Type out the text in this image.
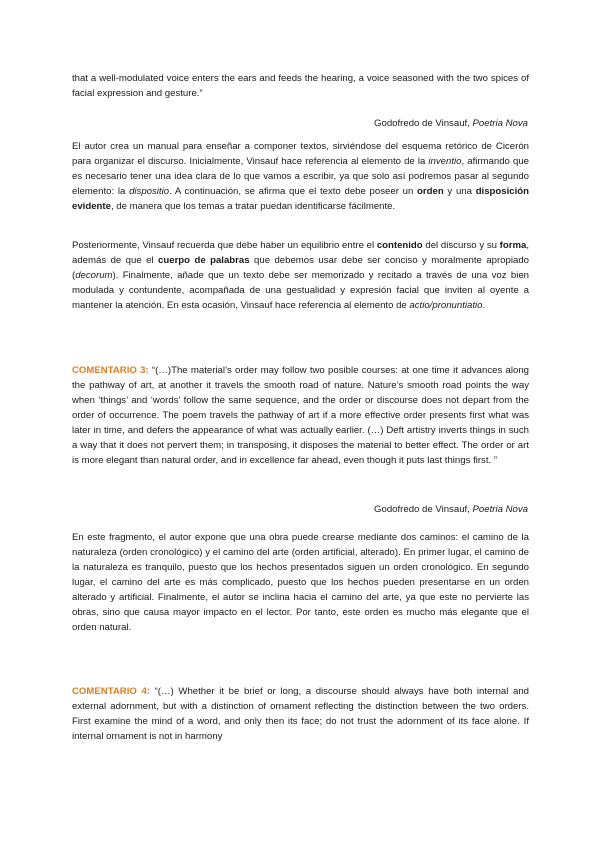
that a well-modulated voice enters the ears and feeds the hearing, a voice seasoned with the two spices of facial expression and gesture.”

Godofredo de Vinsauf, Poetria Nova

El autor crea un manual para enseñar a componer textos, sirviéndose del esquema retórico de Cicerón para organizar el discurso. Inicialmente, Vinsauf hace referencia al elemento de la inventio, afirmando que es necesario tener una idea clara de lo que vamos a escribir, ya que solo así podremos pasar al segundo elemento: la dispositio. A continuación, se afirma que el texto debe poseer un orden y una disposición evidente, de manera que los temas a tratar puedan identificarse fácilmente.

Posteriormente, Vinsauf recuerda que debe haber un equilibrio entre el contenido del discurso y su forma, además de que el cuerpo de palabras que debemos usar debe ser conciso y moralmente apropiado (decorum). Finalmente, añade que un texto debe ser memorizado y recitado a través de una voz bien modulada y contundente, acompañada de una gestualidad y expresión facial que inviten al oyente a mantener la atención. En esta ocasión, Vinsauf hace referencia al elemento de actio/pronuntiatio.

COMENTARIO 3: “(…)The material’s order may follow two posible courses: at one time it advances along the pathway of art, at another it travels the smooth road of nature. Nature’s smooth road points the way when ‘things’ and ‘words’ follow the same sequence, and the order or discourse does not depart from the order of occurrence. The poem travels the pathway of art if a more effective order presents first what was later in time, and defers the appearance of what was actually earlier. (…) Deft artistry inverts things in such a way that it does not pervert them; in transposing, it disposes the material to better effect. The order or art is more elegant than natural order, and in excellence far ahead, even though it puts last things first. ”

Godofredo de Vinsauf, Poetria Nova

En este fragmento, el autor expone que una obra puede crearse mediante dos caminos: el camino de la naturaleza (orden cronológico) y el camino del arte (orden artificial, alterado). En primer lugar, el camino de la naturaleza es tranquilo, puesto que los hechos presentados siguen un orden cronológico. En segundo lugar, el camino del arte es más complicado, puesto que los hechos pueden presentarse en un orden alterado y artificial. Finalmente, el autor se inclina hacia el camino del arte, ya que este no pervierte las obras, sino que causa mayor impacto en el lector. Por tanto, este orden es mucho más elegante que el orden natural.

COMENTARIO 4: “(…) Whether it be brief or long, a discourse should always have both internal and external adornment, but with a distinction of ornament reflecting the distinction between the two orders. First examine the mind of a word, and only then its face; do not trust the adornment of its face alone. If internal ornament is not in harmony
